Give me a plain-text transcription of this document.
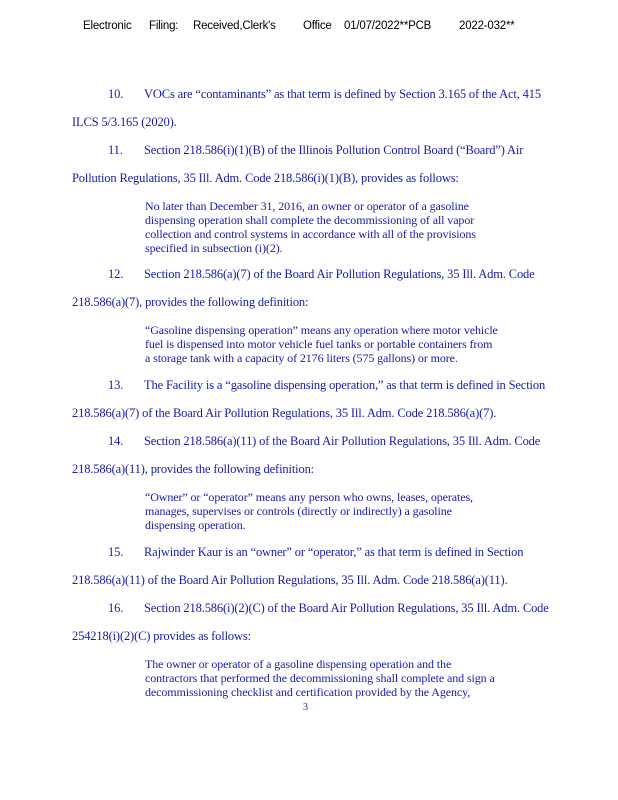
Electronic Filing: Received,Clerk's Office 01/07/2022**PCB 2022-032**
10. VOCs are “contaminants” as that term is defined by Section 3.165 of the Act, 415
ILCS 5/3.165 (2020).
11. Section 218.586(i)(1)(B) of the Illinois Pollution Control Board (“Board”) Air
Pollution Regulations, 35 Ill. Adm. Code 218.586(i)(1)(B), provides as follows:
No later than December 31, 2016, an owner or operator of a gasoline
dispensing operation shall complete the decommissioning of all vapor
collection and control systems in accordance with all of the provisions
specified in subsection (i)(2).
12. Section 218.586(a)(7) of the Board Air Pollution Regulations, 35 Ill. Adm. Code
218.586(a)(7), provides the following definition:
“Gasoline dispensing operation” means any operation where motor vehicle
fuel is dispensed into motor vehicle fuel tanks or portable containers from
a storage tank with a capacity of 2176 liters (575 gallons) or more.
13. The Facility is a “gasoline dispensing operation,” as that term is defined in Section
218.586(a)(7) of the Board Air Pollution Regulations, 35 Ill. Adm. Code 218.586(a)(7).
14. Section 218.586(a)(11) of the Board Air Pollution Regulations, 35 Ill. Adm. Code
218.586(a)(11), provides the following definition:
“Owner” or “operator” means any person who owns, leases, operates,
manages, supervises or controls (directly or indirectly) a gasoline
dispensing operation.
15. Rajwinder Kaur is an “owner” or “operator,” as that term is defined in Section
218.586(a)(11) of the Board Air Pollution Regulations, 35 Ill. Adm. Code 218.586(a)(11).
16. Section 218.586(i)(2)(C) of the Board Air Pollution Regulations, 35 Ill. Adm. Code
254218(i)(2)(C) provides as follows:
The owner or operator of a gasoline dispensing operation and the
contractors that performed the decommissioning shall complete and sign a
decommissioning checklist and certification provided by the Agency,
3
